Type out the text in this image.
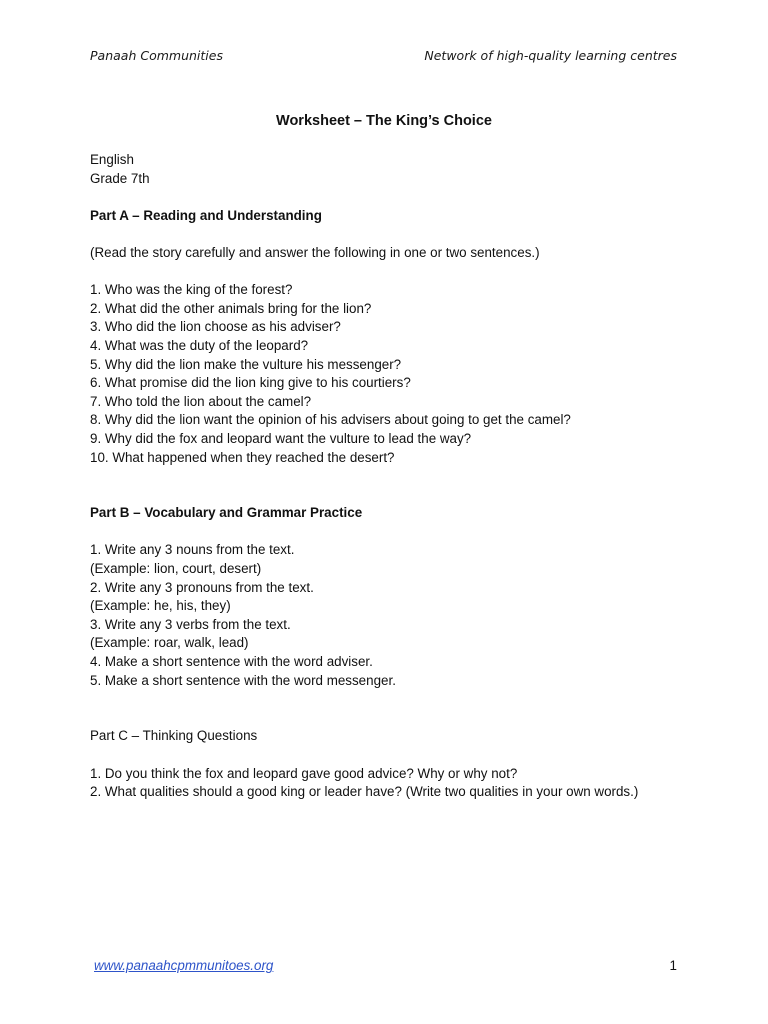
Panaah Communities	Network of high-quality learning centres
Worksheet – The King’s Choice

English

Grade 7th

Part A – Reading and Understanding

(Read the story carefully and answer the following in one or two sentences.)

1. Who was the king of the forest?
2. What did the other animals bring for the lion?
3. Who did the lion choose as his adviser?
4. What was the duty of the leopard?
5. Why did the lion make the vulture his messenger?
6. What promise did the lion king give to his courtiers?
7. Who told the lion about the camel?
8. Why did the lion want the opinion of his advisers about going to get the camel?
9. Why did the fox and leopard want the vulture to lead the way?
10. What happened when they reached the desert?

Part B – Vocabulary and Grammar Practice

1. Write any 3 nouns from the text.
(Example: lion, court, desert)
2. Write any 3 pronouns from the text.
(Example: he, his, they)
3. Write any 3 verbs from the text.
(Example: roar, walk, lead)
4. Make a short sentence with the word adviser.
5. Make a short sentence with the word messenger.

Part C – Thinking Questions

1. Do you think the fox and leopard gave good advice? Why or why not?
2. What qualities should a good king or leader have? (Write two qualities in your own words.)
www.panaahcpmmunitoes.org	1
